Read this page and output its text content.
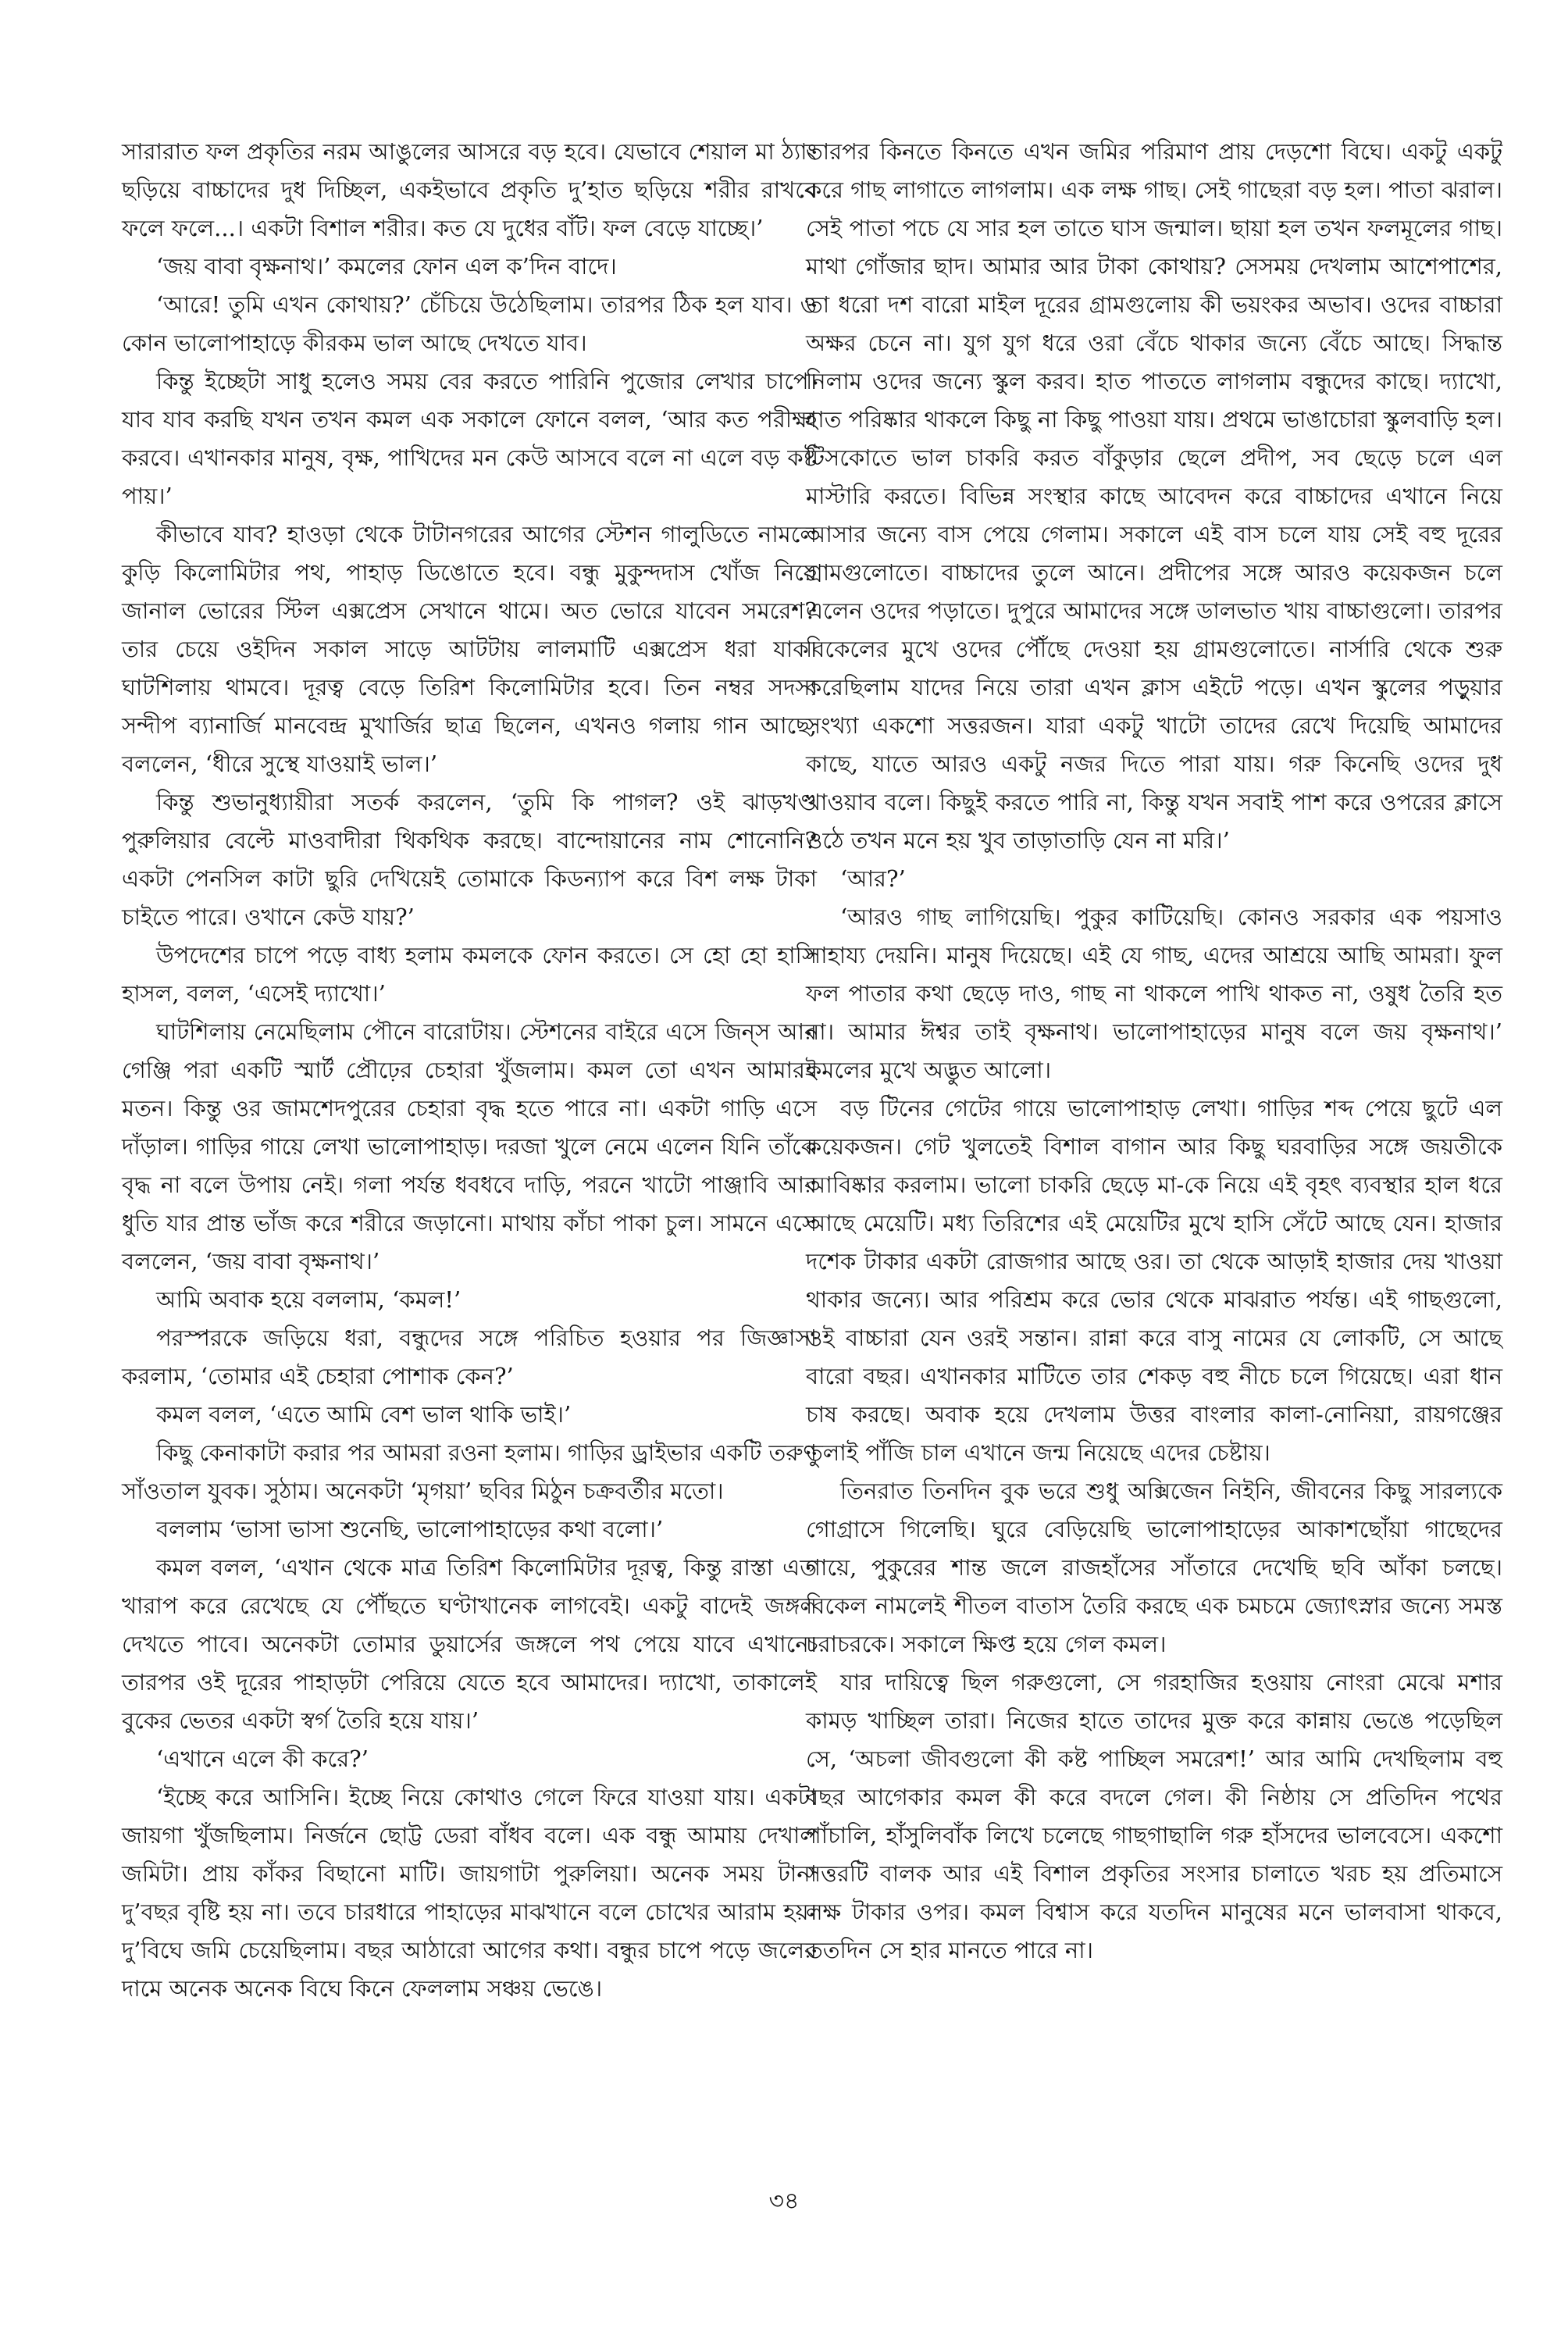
সারারাত ফল প্রকৃতির নরম আঙুলের আসরে বড় হবে। যেভাবে শেয়াল মা ঠ্যাং ছড়িয়ে বাচ্চাদের দুধ দিচ্ছিল, একইভাবে প্রকৃতি দু’হাত ছড়িয়ে শরীর রাখবে ফলে ফলে...। একটা বিশাল শরীর। কত যে দুধের বাঁট। ফল বেড়ে যাচ্ছে।’

‘জয় বাবা বৃক্ষনাথ।’ কমলের ফোন এল ক’দিন বাদে।

‘আরে! তুমি এখন কোথায়?’ চেঁচিয়ে উঠেছিলাম। তারপর ঠিক হল যাব। ও কোন ভালোপাহাড়ে কীরকম ভাল আছে দেখতে যাব।

কিন্তু ইচ্ছেটা সাধু হলেও সময় বের করতে পারিনি পুজোর লেখার চাপে। যাব যাব করছি যখন তখন কমল এক সকালে ফোনে বলল, ‘আর কত পরীক্ষা করবে। এখানকার মানুষ, বৃক্ষ, পাখিদের মন কেউ আসবে বলে না এলে বড় কষ্ট পায়।’

কীভাবে যাব? হাওড়া থেকে টাটানগরের আগের স্টেশন গালুডিতে নামলে কুড়ি কিলোমিটার পথ, পাহাড় ডিঙোতে হবে। বন্ধু মুকুন্দদাস খোঁজ নিয়ে জানাল ভোরের স্টিল এক্সপ্রেস সেখানে থামে। অত ভোরে যাবেন সমরেশ? তার চেয়ে ওইদিন সকাল সাড়ে আটটায় লালমাটি এক্সপ্রেস ধরা যাক। ঘাটশিলায় থামবে। দূরত্ব বেড়ে তিরিশ কিলোমিটার হবে। তিন নম্বর সদস্য সন্দীপ ব্যানার্জি মানবেন্দ্র মুখার্জির ছাত্র ছিলেন, এখনও গলায় গান আছে, বললেন, ‘ধীরে সুস্থে যাওয়াই ভাল।’

কিন্তু শুভানুধ্যায়ীরা সতর্ক করলেন, ‘তুমি কি পাগল? ওই ঝাড়খণ্ড পুরুলিয়ার বেল্টে মাওবাদীরা থিকথিক করছে। বান্দোয়ানের নাম শোনোনি? একটা পেনসিল কাটা ছুরি দেখিয়েই তোমাকে কিডন্যাপ করে বিশ লক্ষ টাকা চাইতে পারে। ওখানে কেউ যায়?’

উপদেশের চাপে পড়ে বাধ্য হলাম কমলকে ফোন করতে। সে হো হো হাসি হাসল, বলল, ‘এসেই দ্যাখো।’

ঘাটশিলায় নেমেছিলাম পৌনে বারোটায়। স্টেশনের বাইরে এসে জিন্‌স আর গেঞ্জি পরা একটি স্মার্ট প্রৌঢ়ের চেহারা খুঁজলাম। কমল তো এখন আমারই মতন। কিন্তু ওর জামশেদপুরের চেহারা বৃদ্ধ হতে পারে না। একটা গাড়ি এসে দাঁড়াল। গাড়ির গায়ে লেখা ভালোপাহাড়। দরজা খুলে নেমে এলেন যিনি তাঁকে বৃদ্ধ না বলে উপায় নেই। গলা পর্যন্ত ধবধবে দাড়ি, পরনে খাটো পাঞ্জাবি আর ধুতি যার প্রান্ত ভাঁজ করে শরীরে জড়ানো। মাথায় কাঁচা পাকা চুল। সামনে এসে বললেন, ‘জয় বাবা বৃক্ষনাথ।’

আমি অবাক হয়ে বললাম, ‘কমল!’

পরস্পরকে জড়িয়ে ধরা, বন্ধুদের সঙ্গে পরিচিত হওয়ার পর জিজ্ঞাসা করলাম, ‘তোমার এই চেহারা পোশাক কেন?’

কমল বলল, ‘এতে আমি বেশ ভাল থাকি ভাই।’

কিছু কেনাকাটা করার পর আমরা রওনা হলাম। গাড়ির ড্রাইভার একটি তরুণ সাঁওতাল যুবক। সুঠাম। অনেকটা ‘মৃগয়া’ ছবির মিঠুন চক্রবর্তীর মতো।

বললাম ‘ভাসা ভাসা শুনেছি, ভালোপাহাড়ের কথা বলো।’

কমল বলল, ‘এখান থেকে মাত্র তিরিশ কিলোমিটার দূরত্ব, কিন্তু রাস্তা এত খারাপ করে রেখেছে যে পৌঁছতে ঘণ্টাখানেক লাগবেই। একটু বাদেই জঙ্গল দেখতে পাবে। অনেকটা তোমার ডুয়ার্সের জঙ্গলে পথ পেয়ে যাবে এখানে। তারপর ওই দূরের পাহাড়টা পেরিয়ে যেতে হবে আমাদের। দ্যাখো, তাকালেই বুকের ভেতর একটা স্বর্গ তৈরি হয়ে যায়।’

‘এখানে এলে কী করে?’

‘ইচ্ছে করে আসিনি। ইচ্ছে নিয়ে কোথাও গেলে ফিরে যাওয়া যায়। একটা জায়গা খুঁজছিলাম। নির্জনে ছোট্ট ডেরা বাঁধব বলে। এক বন্ধু আমায় দেখাল জমিটা। প্রায় কাঁকর বিছানো মাটি। জায়গাটা পুরুলিয়া। অনেক সময় টানা দু’বছর বৃষ্টি হয় না। তবে চারধারে পাহাড়ের মাঝখানে বলে চোখের আরাম হয়। দু’বিঘে জমি চেয়েছিলাম। বছর আঠারো আগের কথা। বন্ধুর চাপে পড়ে জলের দামে অনেক অনেক বিঘে কিনে ফেললাম সঞ্চয় ভেঙে।

তারপর কিনতে কিনতে এখন জমির পরিমাণ প্রায় দেড়শো বিঘে। একটু একটু করে গাছ লাগাতে লাগলাম। এক লক্ষ গাছ। সেই গাছেরা বড় হল। পাতা ঝরাল। সেই পাতা পচে যে সার হল তাতে ঘাস জন্মাল। ছায়া হল তখন ফলমূলের গাছ। মাথা গোঁজার ছাদ। আমার আর টাকা কোথায়? সেসময় দেখলাম আশেপাশের, তা ধরো দশ বারো মাইল দূরের গ্রামগুলোয় কী ভয়ংকর অভাব। ওদের বাচ্চারা অক্ষর চেনে না। যুগ যুগ ধরে ওরা বেঁচে থাকার জন্যে বেঁচে আছে। সিদ্ধান্ত নিলাম ওদের জন্যে স্কুল করব। হাত পাততে লাগলাম বন্ধুদের কাছে। দ্যাখো, হাত পরিষ্কার থাকলে কিছু না কিছু পাওয়া যায়। প্রথমে ভাঙাচোরা স্কুলবাড়ি হল। টিসকোতে ভাল চাকরি করত বাঁকুড়ার ছেলে প্রদীপ, সব ছেড়ে চলে এল মাস্টারি করতে। বিভিন্ন সংস্থার কাছে আবেদন করে বাচ্চাদের এখানে নিয়ে আসার জন্যে বাস পেয়ে গেলাম। সকালে এই বাস চলে যায় সেই বহু দূরের গ্রামগুলোতে। বাচ্চাদের তুলে আনে। প্রদীপের সঙ্গে আরও কয়েকজন চলে এলেন ওদের পড়াতে। দুপুরে আমাদের সঙ্গে ডালভাত খায় বাচ্চাগুলো। তারপর বিকেলের মুখে ওদের পৌঁছে দেওয়া হয় গ্রামগুলোতে। নার্সারি থেকে শুরু করেছিলাম যাদের নিয়ে তারা এখন ক্লাস এইটে পড়ে। এখন স্কুলের পড়ুয়ার সংখ্যা একশো সত্তরজন। যারা একটু খাটো তাদের রেখে দিয়েছি আমাদের কাছে, যাতে আরও একটু নজর দিতে পারা যায়। গরু কিনেছি ওদের দুধ খাওয়াব বলে। কিছুই করতে পারি না, কিন্তু যখন সবাই পাশ করে ওপরের ক্লাসে ওঠে তখন মনে হয় খুব তাড়াতাড়ি যেন না মরি।’

‘আর?’

‘আরও গাছ লাগিয়েছি। পুকুর কাটিয়েছি। কোনও সরকার এক পয়সাও সাহায্য দেয়নি। মানুষ দিয়েছে। এই যে গাছ, এদের আশ্রয়ে আছি আমরা। ফুল ফল পাতার কথা ছেড়ে দাও, গাছ না থাকলে পাখি থাকত না, ওষুধ তৈরি হত না। আমার ঈশ্বর তাই বৃক্ষনাথ। ভালোপাহাড়ের মানুষ বলে জয় বৃক্ষনাথ।’ কমলের মুখে অদ্ভুত আলো।

বড় টিনের গেটের গায়ে ভালোপাহাড় লেখা। গাড়ির শব্দ পেয়ে ছুটে এল কয়েকজন। গেট খুলতেই বিশাল বাগান আর কিছু ঘরবাড়ির সঙ্গে জয়তীকে আবিষ্কার করলাম। ভালো চাকরি ছেড়ে মা-কে নিয়ে এই বৃহৎ ব্যবস্থার হাল ধরে আছে মেয়েটি। মধ্য তিরিশের এই মেয়েটির মুখে হাসি সেঁটে আছে যেন। হাজার দশেক টাকার একটা রোজগার আছে ওর। তা থেকে আড়াই হাজার দেয় খাওয়া থাকার জন্যে। আর পরিশ্রম করে ভোর থেকে মাঝরাত পর্যন্ত। এই গাছগুলো, ওই বাচ্চারা যেন ওরই সন্তান। রান্না করে বাসু নামের যে লোকটি, সে আছে বারো বছর। এখানকার মাটিতে তার শেকড় বহু নীচে চলে গিয়েছে। এরা ধান চাষ করছে। অবাক হয়ে দেখলাম উত্তর বাংলার কালা-নোনিয়া, রায়গঞ্জের তুলাই পাঁজি চাল এখানে জন্ম নিয়েছে এদের চেষ্টায়।

তিনরাত তিনদিন বুক ভরে শুধু অক্সিজেন নিইনি, জীবনের কিছু সারল্যকে গোগ্রাসে গিলেছি। ঘুরে বেড়িয়েছি ভালোপাহাড়ের আকাশছোঁয়া গাছেদের গায়ে, পুকুরের শান্ত জলে রাজহাঁসের সাঁতারে দেখেছি ছবি আঁকা চলছে। বিকেল নামলেই শীতল বাতাস তৈরি করছে এক চমচমে জ্যোৎস্নার জন্যে সমস্ত চরাচরকে। সকালে ক্ষিপ্ত হয়ে গেল কমল।

যার দায়িত্বে ছিল গরুগুলো, সে গরহাজির হওয়ায় নোংরা মেঝে মশার কামড় খাচ্ছিল তারা। নিজের হাতে তাদের মুক্ত করে কান্নায় ভেঙে পড়েছিল সে, ‘অচলা জীবগুলো কী কষ্ট পাচ্ছিল সমরেশ!’ আর আমি দেখছিলাম বহু বছর আগেকার কমল কী করে বদলে গেল। কী নিষ্ঠায় সে প্রতিদিন পথের পাঁচালি, হাঁসুলিবাঁক লিখে চলেছে গাছগাছালি গরু হাঁসদের ভালবেসে। একশো সত্তরটি বালক আর এই বিশাল প্রকৃতির সংসার চালাতে খরচ হয় প্রতিমাসে লক্ষ টাকার ওপর। কমল বিশ্বাস করে যতদিন মানুষের মনে ভালবাসা থাকবে, ততদিন সে হার মানতে পারে না।

৩৪
